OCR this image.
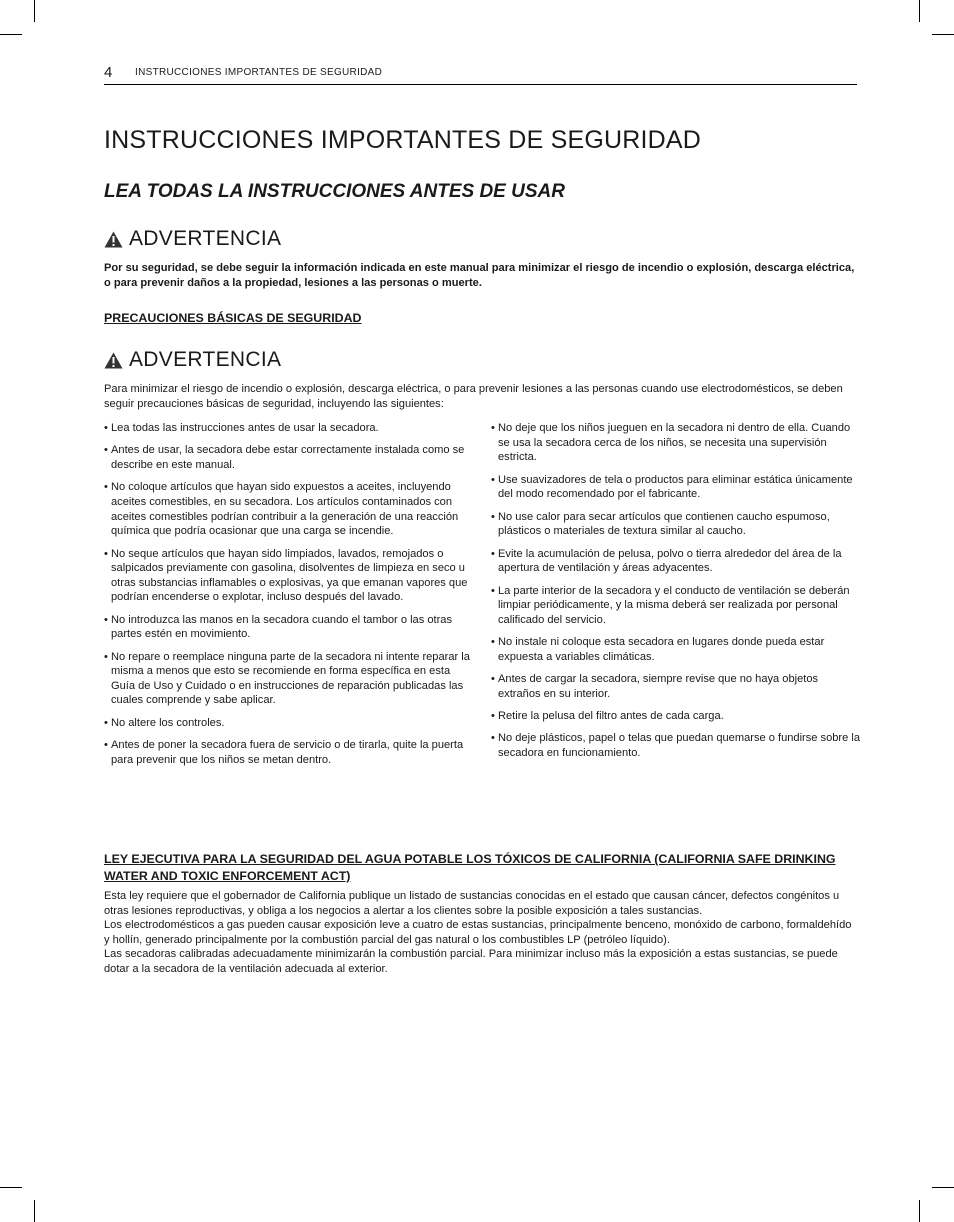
4 INSTRUCCIONES IMPORTANTES DE SEGURIDAD
INSTRUCCIONES IMPORTANTES DE SEGURIDAD
LEA TODAS LA INSTRUCCIONES ANTES DE USAR
ADVERTENCIA

Por su seguridad, se debe seguir la información indicada en este manual para minimizar el riesgo de incendio o explosión, descarga eléctrica, o para prevenir daños a la propiedad, lesiones a las personas o muerte.

PRECAUCIONES BÁSICAS DE SEGURIDAD

ADVERTENCIA

Para minimizar el riesgo de incendio o explosión, descarga eléctrica, o para prevenir lesiones a las personas cuando use electrodomésticos, se deben seguir precauciones básicas de seguridad, incluyendo las siguientes:

• Lea todas las instrucciones antes de usar la secadora.
• Antes de usar, la secadora debe estar correctamente instalada como se describe en este manual.
• No coloque artículos que hayan sido expuestos a aceites, incluyendo aceites comestibles, en su secadora. Los artículos contaminados con aceites comestibles podrían contribuir a la generación de una reacción química que podría ocasionar que una carga se incendie.
• No seque artículos que hayan sido limpiados, lavados, remojados o salpicados previamente con gasolina, disolventes de limpieza en seco u otras substancias inflamables o explosivas, ya que emanan vapores que podrían encenderse o explotar, incluso después del lavado.
• No introduzca las manos en la secadora cuando el tambor o las otras partes estén en movimiento.
• No repare o reemplace ninguna parte de la secadora ni intente reparar la misma a menos que esto se recomiende en forma específica en esta Guía de Uso y Cuidado o en instrucciones de reparación publicadas las cuales comprende y sabe aplicar.
• No altere los controles.
• Antes de poner la secadora fuera de servicio o de tirarla, quite la puerta para prevenir que los niños se metan dentro.
• No deje que los niños jueguen en la secadora ni dentro de ella. Cuando se usa la secadora cerca de los niños, se necesita una supervisión estricta.
• Use suavizadores de tela o productos para eliminar estática únicamente del modo recomendado por el fabricante.
• No use calor para secar artículos que contienen caucho espumoso, plásticos o materiales de textura similar al caucho.
• Evite la acumulación de pelusa, polvo o tierra alrededor del área de la apertura de ventilación y áreas adyacentes.
• La parte interior de la secadora y el conducto de ventilación se deberán limpiar periódicamente, y la misma deberá ser realizada por personal calificado del servicio.
• No instale ni coloque esta secadora en lugares donde pueda estar expuesta a variables climáticas.
• Antes de cargar la secadora, siempre revise que no haya objetos extraños en su interior.
• Retire la pelusa del filtro antes de cada carga.
• No deje plásticos, papel o telas que puedan quemarse o fundirse sobre la secadora en funcionamiento.

LEY EJECUTIVA PARA LA SEGURIDAD DEL AGUA POTABLE LOS TÓXICOS DE CALIFORNIA (CALIFORNIA SAFE DRINKING WATER AND TOXIC ENFORCEMENT ACT)

Esta ley requiere que el gobernador de California publique un listado de sustancias conocidas en el estado que causan cáncer, defectos congénitos u otras lesiones reproductivas, y obliga a los negocios a alertar a los clientes sobre la posible exposición a tales sustancias.
Los electrodomésticos a gas pueden causar exposición leve a cuatro de estas sustancias, principalmente benceno, monóxido de carbono, formaldehído y hollín, generado principalmente por la combustión parcial del gas natural o los combustibles LP (petróleo líquido).
Las secadoras calibradas adecuadamente minimizarán la combustión parcial. Para minimizar incluso más la exposición a estas sustancias, se puede dotar a la secadora de la ventilación adecuada al exterior.
